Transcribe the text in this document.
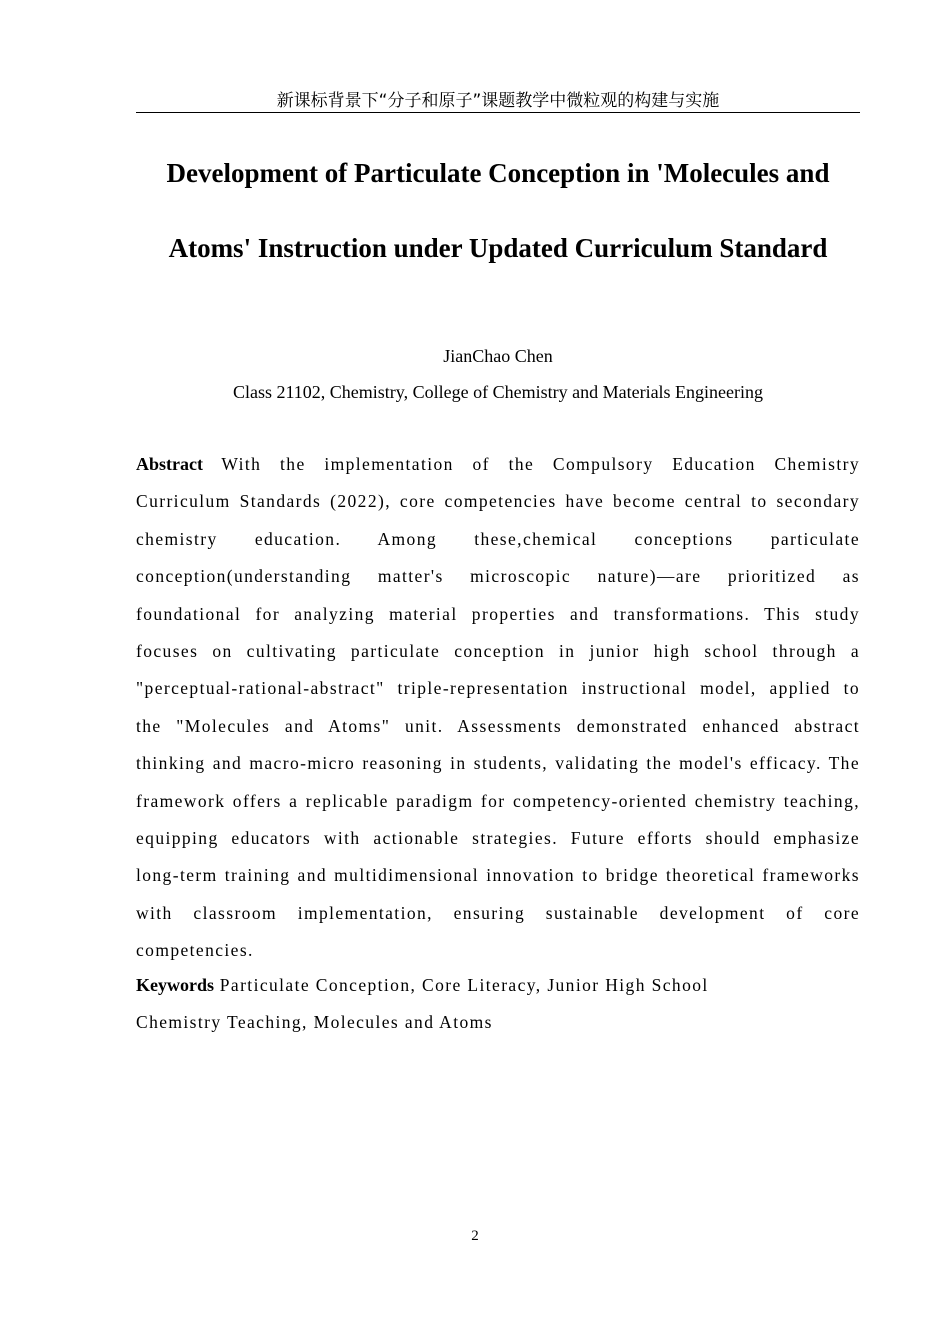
新课标背景下“分子和原子”课题教学中微粒观的构建与实施
Development of Particulate Conception in 'Molecules and
Atoms' Instruction under Updated Curriculum Standard
JianChao Chen
Class 21102, Chemistry, College of Chemistry and Materials Engineering

Abstract With the implementation of the Compulsory Education Chemistry Curriculum Standards (2022), core competencies have become central to secondary chemistry education. Among these,chemical conceptions particulate conception(understanding matter's microscopic nature)—are prioritized as foundational for analyzing material properties and transformations. This study focuses on cultivating particulate conception in junior high school through a "perceptual-rational-abstract" triple-representation instructional model, applied to the "Molecules and Atoms" unit. Assessments demonstrated enhanced abstract thinking and macro-micro reasoning in students, validating the model's efficacy. The framework offers a replicable paradigm for competency-oriented chemistry teaching, equipping educators with actionable strategies. Future efforts should emphasize long-term training and multidimensional innovation to bridge theoretical frameworks with classroom implementation, ensuring sustainable development of core competencies.

Keywords Particulate Conception, Core Literacy, Junior High School Chemistry Teaching, Molecules and Atoms

2
